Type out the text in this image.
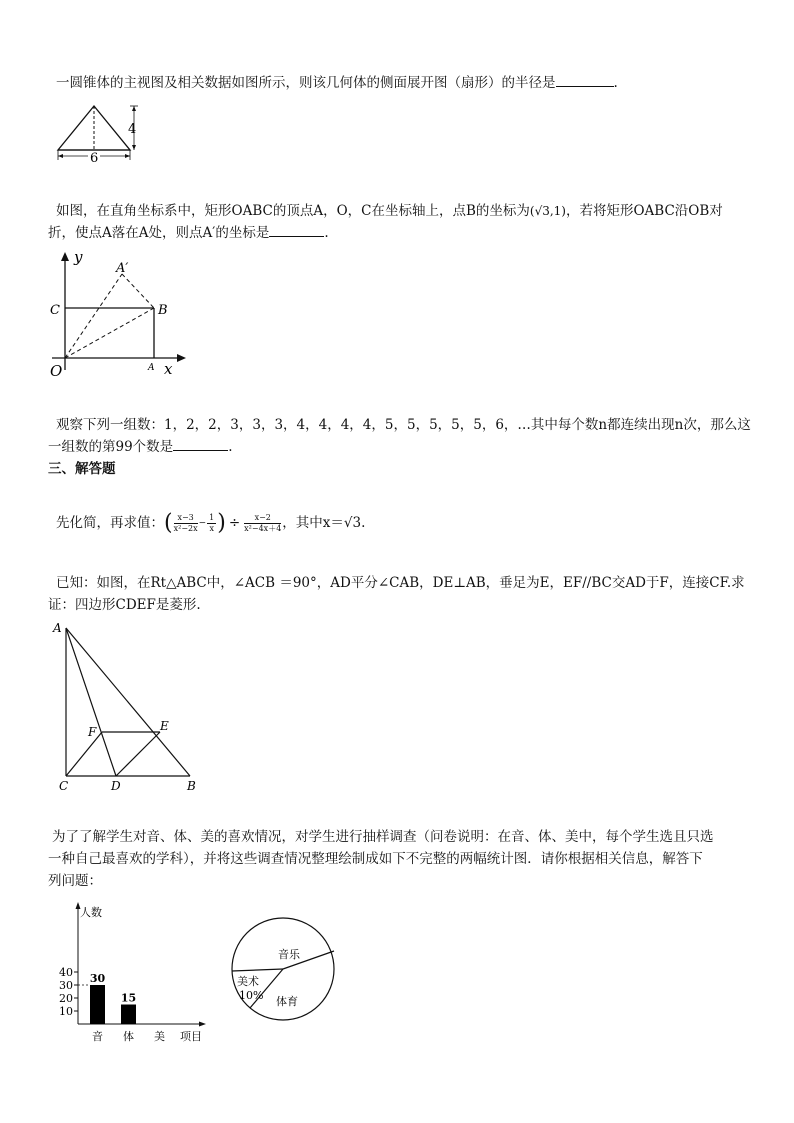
一圆锥体的主视图及相关数据如图所示，则该几何体的侧面展开图（扇形）的半径是	.
4
6
如图，在直角坐标系中，矩形OABC的顶点A，O，C在坐标轴上，点B的坐标为(√3,1)，若将矩形OABC沿OB对
折，使点A落在A处，则点A′的坐标是	.
y
x
O	A
B
C
A′
观察下列一组数：1，2，2，3，3，3，4，4，4，4，5，5，5，5，5，6，…其中每个数n都连续出现n次，那么这
一组数的第99个数是	.
三、解答题
先化简，再求值：( $\frac{x-3}{\text{x²−2x}} - \frac{1}{x}$ ) ÷ $\frac{x-2}{\text{x²−4x＋4}}$ ，其中x＝√3.
已知：如图，在Rt△ABC中，∠ACB ＝90°，AD平分∠CAB，DE⊥AB，垂足为E，EF//BC交AD于F，连接CF.求
证：四边形CDEF是菱形.
A
C	D	B
E
F
为了了解学生对音、体、美的喜欢情况，对学生进行抽样调查（问卷说明：在音、体、美中，每个学生选且只选
一种自己最喜欢的学科），并将这些调查情况整理绘制成如下不完整的两幅统计图．请你根据相关信息，解答下
列问题：
人数
项目
10
20
30
40 30
音
15
体 美
音乐
体育
美术
10%
